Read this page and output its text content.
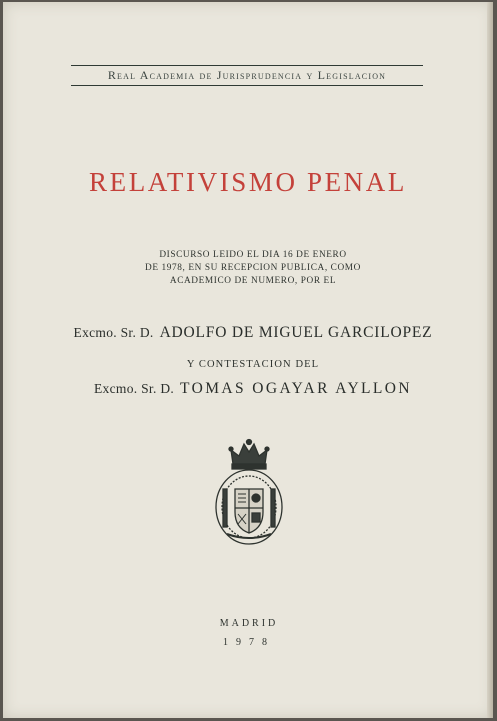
Real Academia de Jurisprudencia y Legislacion
RELATIVISMO PENAL
DISCURSO LEIDO EL DIA 16 DE ENERO
DE 1978, EN SU RECEPCION PUBLICA, COMO
ACADEMICO DE NUMERO, POR EL
Excmo. Sr. D. ADOLFO DE MIGUEL GARCILOPEZ
Y CONTESTACION DEL
Excmo. Sr. D. TOMAS OGAYAR AYLLON
MADRID
1978
